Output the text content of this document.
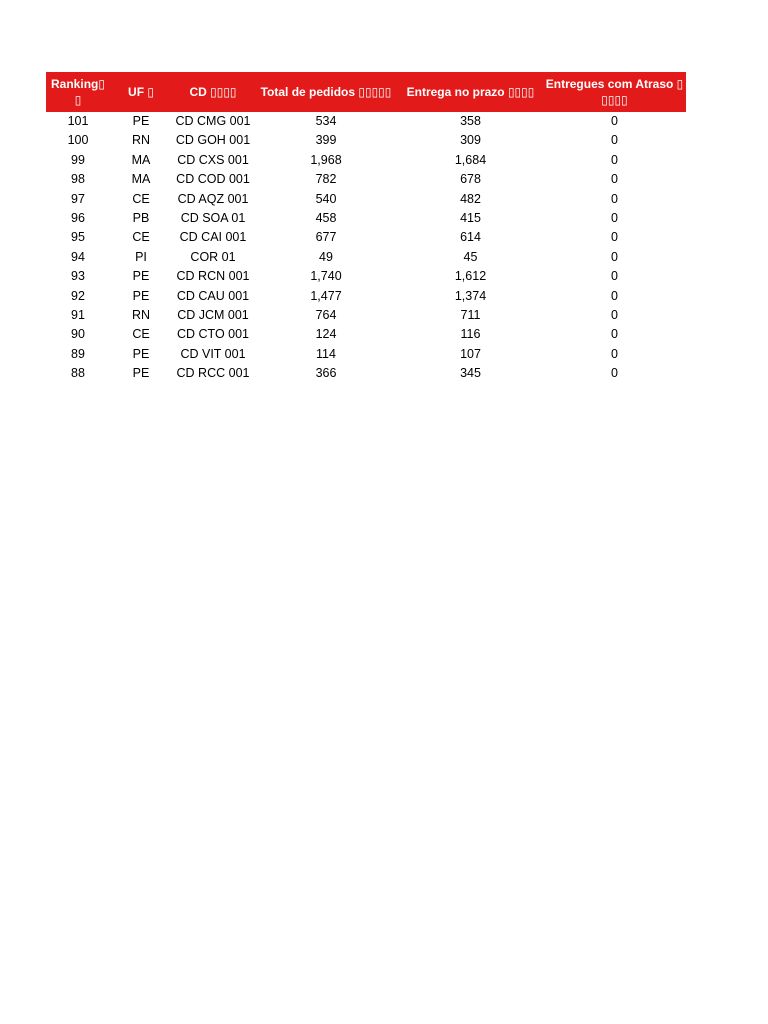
Ranking▯
▯	UF ▯	CD ▯▯▯▯	Total de pedidos ▯▯▯▯▯	Entrega no prazo ▯▯▯▯	Entregues com Atraso ▯
▯▯▯▯
101	PE	CD CMG 001	534	358	0
100	RN	CD GOH 001	399	309	0
99	MA	CD CXS 001	1,968	1,684	0
98	MA	CD COD 001	782	678	0
97	CE	CD AQZ 001	540	482	0
96	PB	CD SOA 01	458	415	0
95	CE	CD CAI 001	677	614	0
94	PI	COR 01	49	45	0
93	PE	CD RCN 001	1,740	1,612	0
92	PE	CD CAU 001	1,477	1,374	0
91	RN	CD JCM 001	764	711	0
90	CE	CD CTO 001	124	116	0
89	PE	CD VIT 001	114	107	0
88	PE	CD RCC 001	366	345	0
